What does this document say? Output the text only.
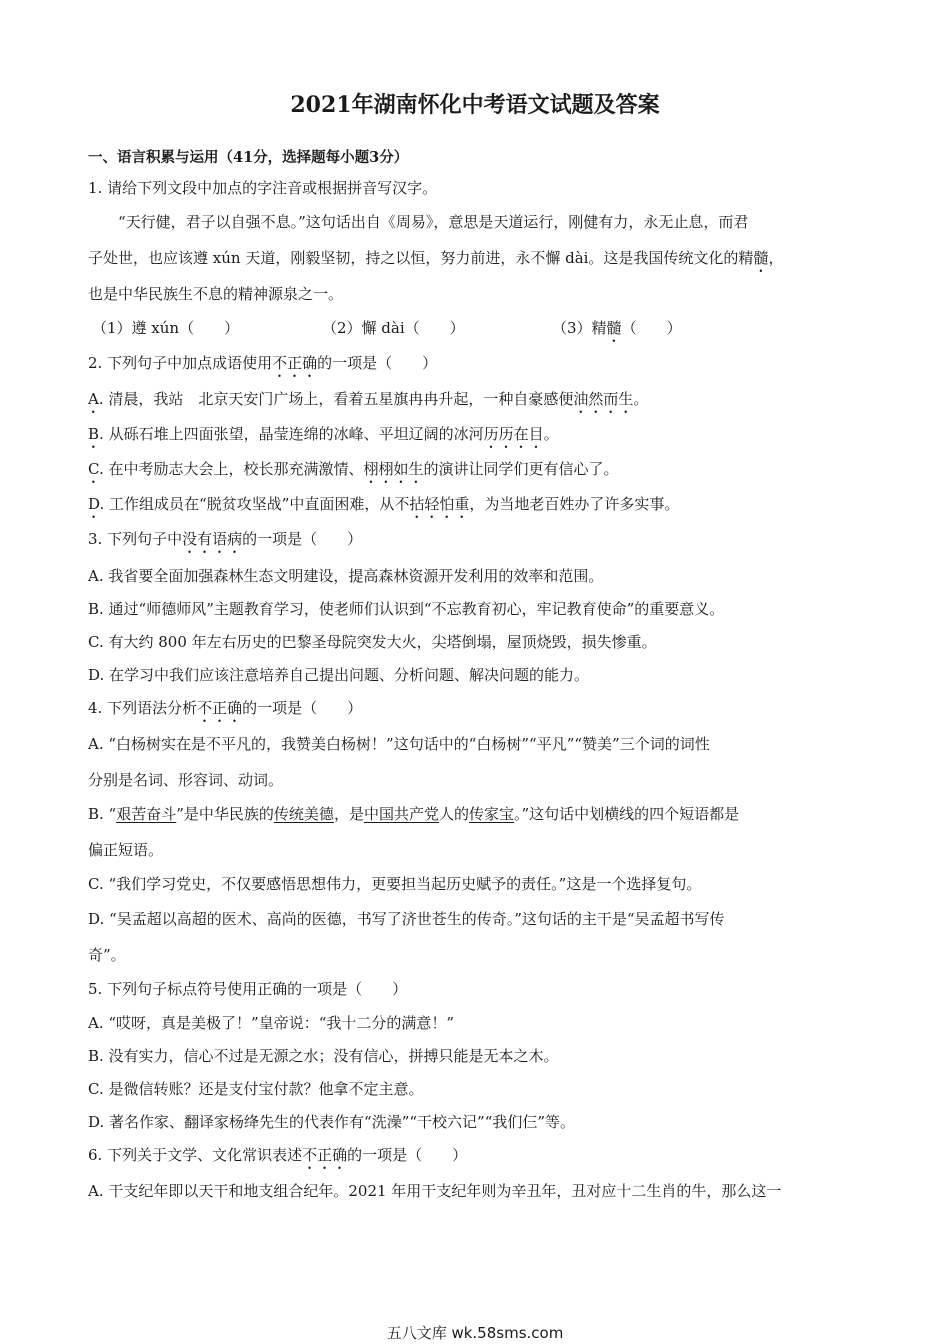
2021年湖南怀化中考语文试题及答案
一、语言积累与运用（41分，选择题每小题3分）
1. 请给下列文段中加点的字注音或根据拼音写汉字。
“天行健，君子以自强不息。”这句话出自《周易》，意思是天道运行，刚健有力，永无止息，而君
子处世，也应该遵 xún 天道，刚毅坚韧，持之以恒，努力前进，永不懈 dài。这是我国传统文化的精髓，
也是中华民族生不息的精神源泉之一。
（1）遵 xún（　　）	（2）懈 dài（　　）	（3）精髓（　　）
2. 下列句子中加点成语使用不正确的一项是（　　）
A. 清晨，我站　北京天安门广场上，看着五星旗冉冉升起，一种自豪感便油然而生。
B. 从砾石堆上四面张望，晶莹连绵的冰峰、平坦辽阔的冰河历历在目。
C. 在中考励志大会上，校长那充满激情、栩栩如生的演讲让同学们更有信心了。
D. 工作组成员在“脱贫攻坚战”中直面困难，从不拈轻怕重，为当地老百姓办了许多实事。
3. 下列句子中没有语病的一项是（　　）
A. 我省要全面加强森林生态文明建设，提高森林资源开发利用的效率和范围。
B. 通过“师德师风”主题教育学习，使老师们认识到“不忘教育初心，牢记教育使命”的重要意义。
C. 有大约 800 年左右历史的巴黎圣母院突发大火，尖塔倒塌，屋顶烧毁，损失惨重。
D. 在学习中我们应该注意培养自己提出问题、分析问题、解决问题的能力。
4. 下列语法分析不正确的一项是（　　）
A. “白杨树实在是不平凡的，我赞美白杨树！”这句话中的“白杨树”“平凡”“赞美”三个词的词性
分别是名词、形容词、动词。
B. “艰苦奋斗”是中华民族的传统美德，是中国共产党人的传家宝。”这句话中划横线的四个短语都是
偏正短语。
C. “我们学习党史，不仅要感悟思想伟力，更要担当起历史赋予的责任。”这是一个选择复句。
D. “吴孟超以高超的医术、高尚的医德，书写了济世苍生的传奇。”这句话的主干是“吴孟超书写传
奇”。
5. 下列句子标点符号使用正确的一项是（　　）
A. “哎呀，真是美极了！”皇帝说：“我十二分的满意！”
B. 没有实力，信心不过是无源之水；没有信心，拼搏只能是无本之木。
C. 是微信转账？还是支付宝付款？他拿不定主意。
D. 著名作家、翻译家杨绛先生的代表作有“洗澡”“干校六记”“我们仨”等。
6. 下列关于文学、文化常识表述不正确的一项是（　　）
A. 干支纪年即以天干和地支组合纪年。2021 年用干支纪年则为辛丑年，丑对应十二生肖的牛，那么这一
五八文库 wk.58sms.com
